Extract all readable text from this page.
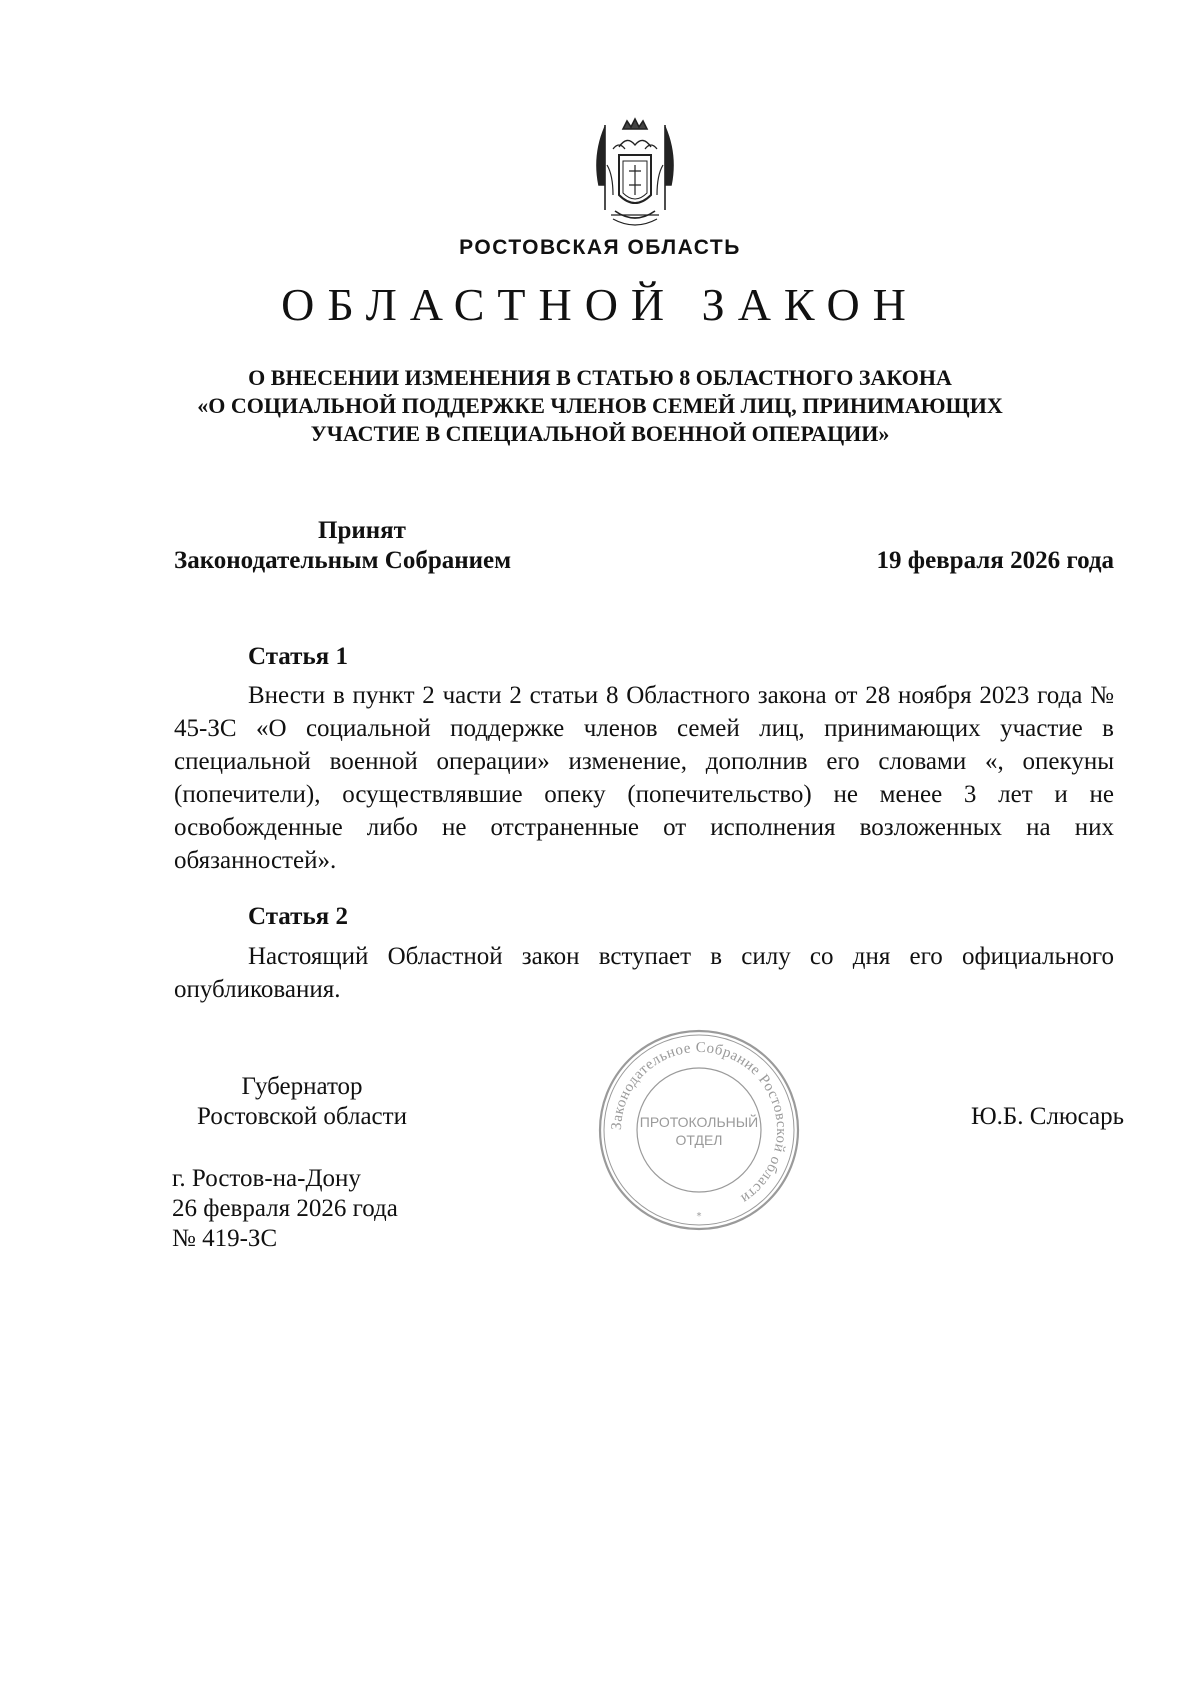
РОСТОВСКАЯ ОБЛАСТЬ
ОБЛАСТНОЙ ЗАКОН
О ВНЕСЕНИИ ИЗМЕНЕНИЯ В СТАТЬЮ 8 ОБЛАСТНОГО ЗАКОНА
«О СОЦИАЛЬНОЙ ПОДДЕРЖКЕ ЧЛЕНОВ СЕМЕЙ ЛИЦ, ПРИНИМАЮЩИХ
УЧАСТИЕ В СПЕЦИАЛЬНОЙ ВОЕННОЙ ОПЕРАЦИИ»
Принят
Законодательным Собранием	19 февраля 2026 года
Статья 1

Внести в пункт 2 части 2 статьи 8 Областного закона от 28 ноября 2023 года № 45-ЗС «О социальной поддержке членов семей лиц, принимающих участие в специальной военной операции» изменение, дополнив его словами «, опекуны (попечители), осуществлявшие опеку (попечительство) не менее 3 лет и не освобожденные либо не отстраненные от исполнения возложенных на них обязанностей».

Статья 2

Настоящий Областной закон вступает в силу со дня его официального опубликования.

Губернатор
Ростовской области	Законодательное Собрание Ростовской области
ПРОТОКОЛЬНЫЙ
ОТДЕЛ
*
Ю.Б. Слюсарь
г. Ростов-на-Дону
26 февраля 2026 года
№ 419-ЗС
